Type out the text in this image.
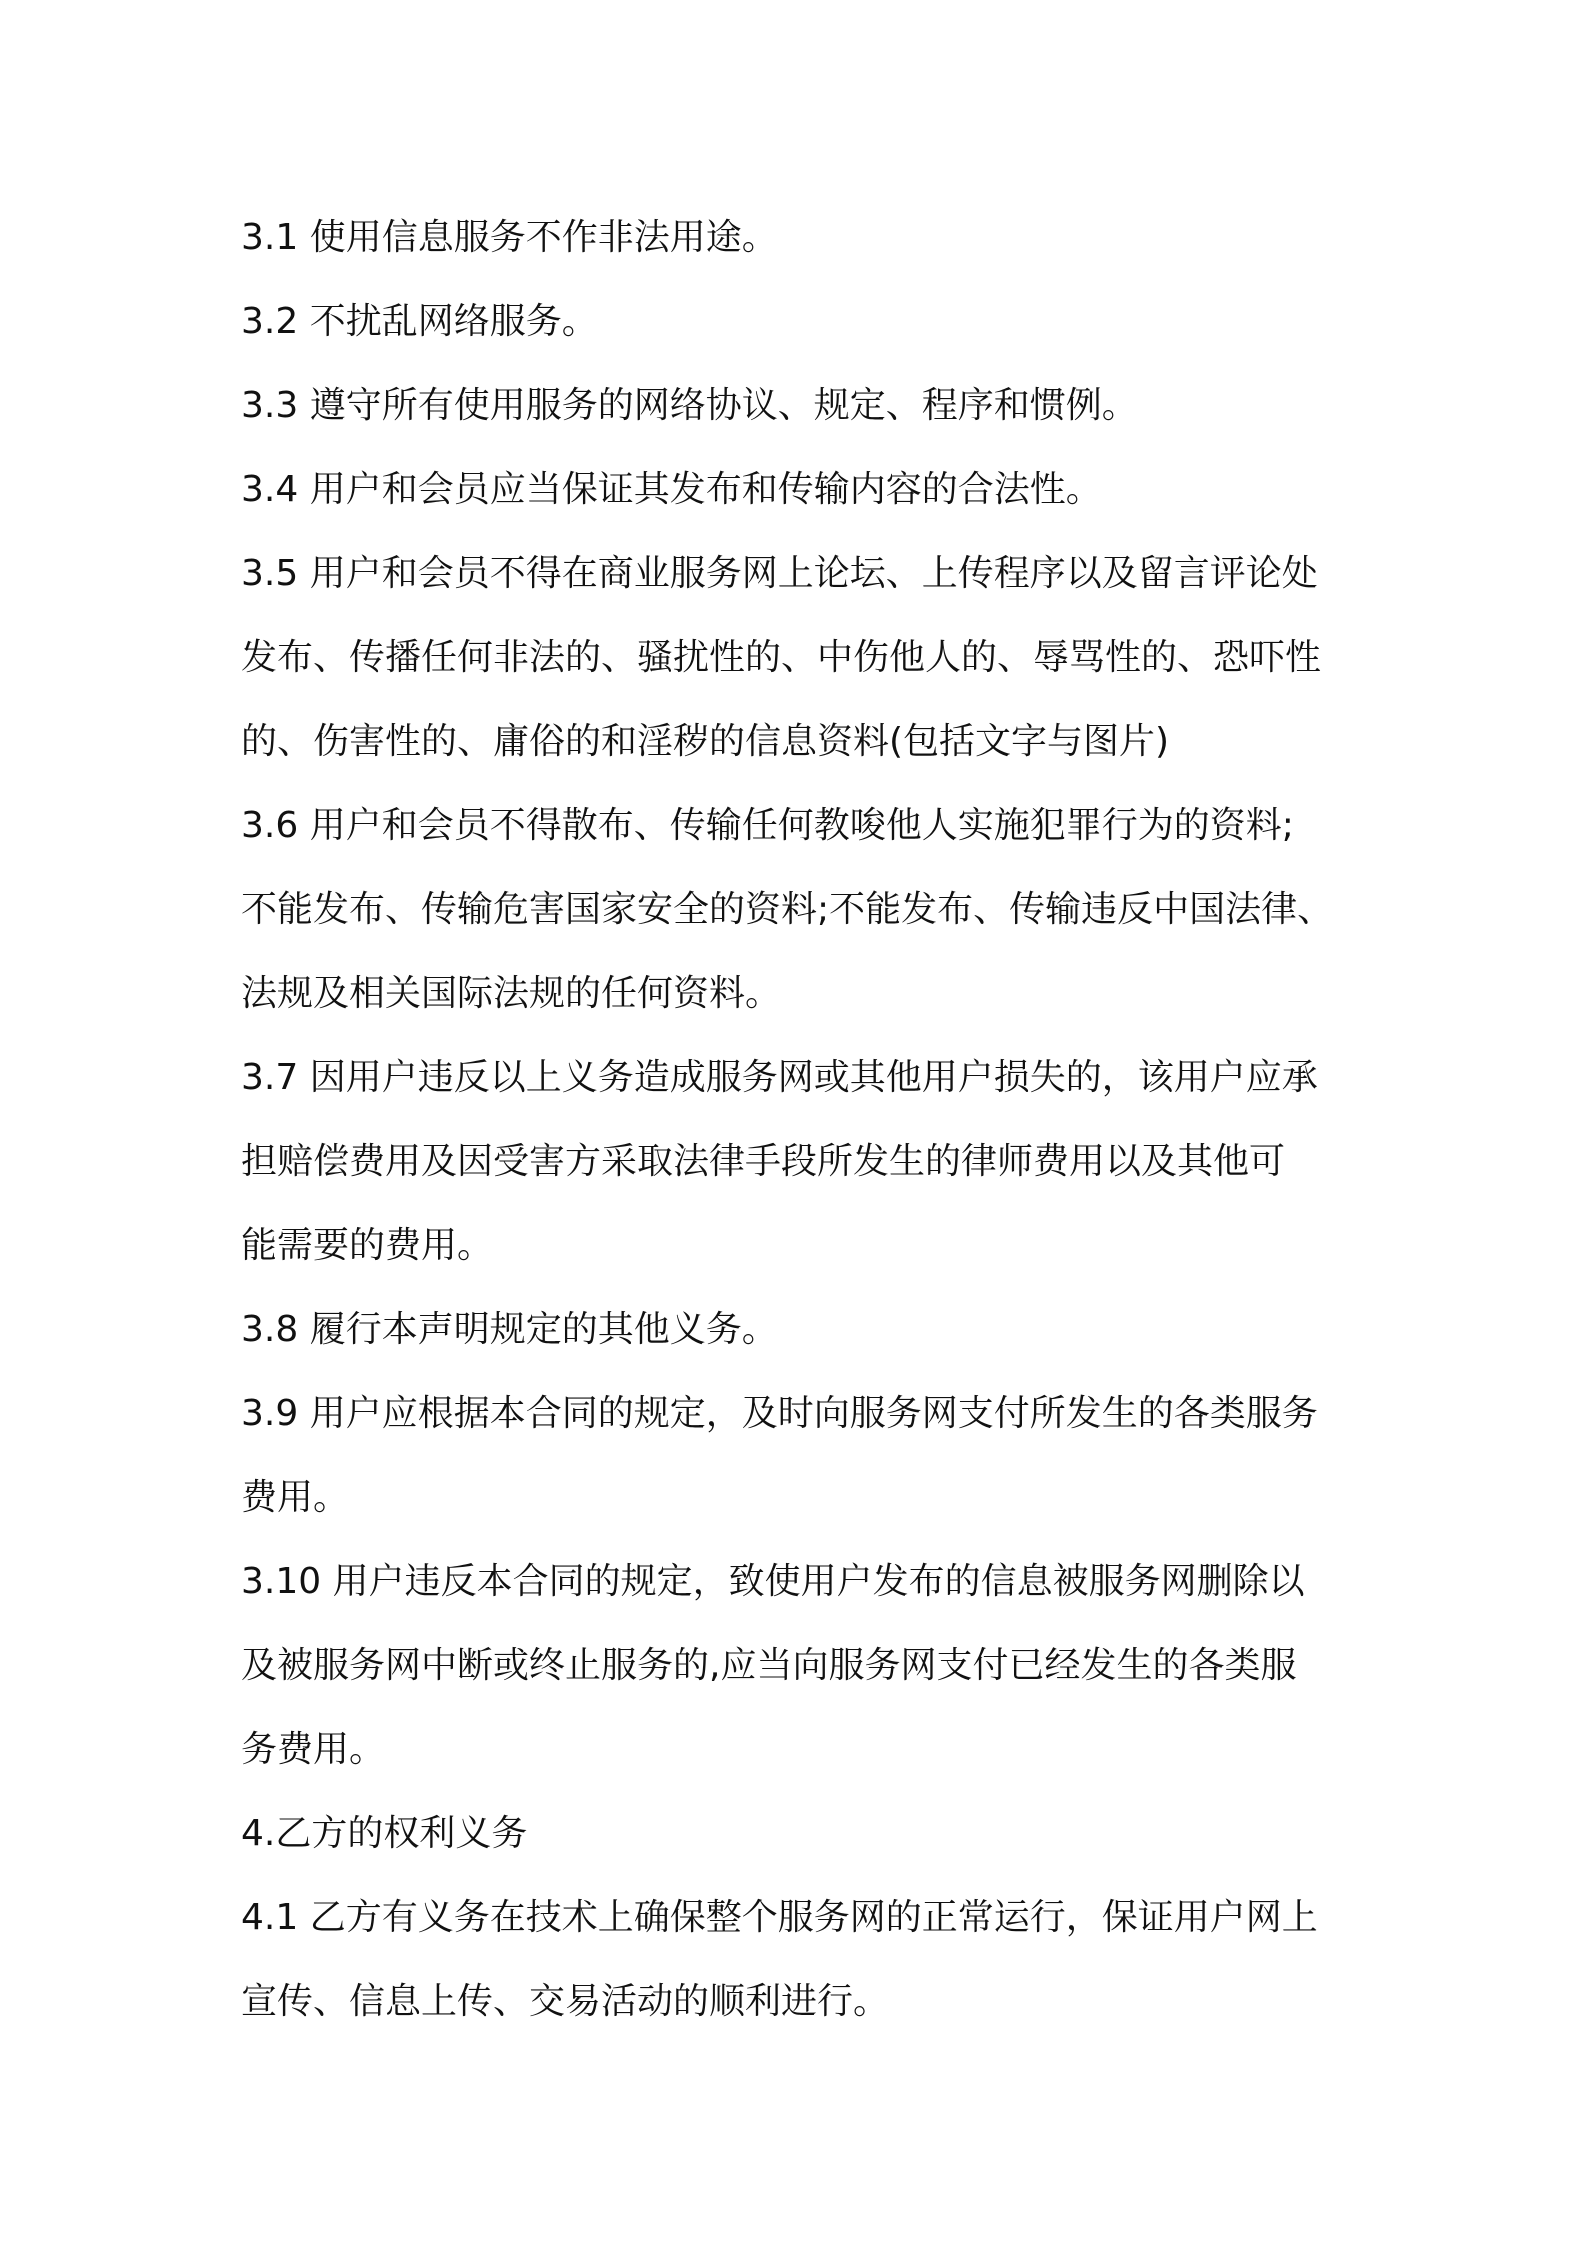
3.1 使用信息服务不作非法用途。
3.2 不扰乱网络服务。
3.3 遵守所有使用服务的网络协议、规定、程序和惯例。
3.4 用户和会员应当保证其发布和传输内容的合法性。
3.5 用户和会员不得在商业服务网上论坛、上传程序以及留言评论处
发布、传播任何非法的、骚扰性的、中伤他人的、辱骂性的、恐吓性
的、伤害性的、庸俗的和淫秽的信息资料(包括文字与图片)
3.6 用户和会员不得散布、传输任何教唆他人实施犯罪行为的资料;
不能发布、传输危害国家安全的资料;不能发布、传输违反中国法律、
法规及相关国际法规的任何资料。
3.7 因用户违反以上义务造成服务网或其他用户损失的，该用户应承
担赔偿费用及因受害方采取法律手段所发生的律师费用以及其他可
能需要的费用。
3.8 履行本声明规定的其他义务。
3.9 用户应根据本合同的规定，及时向服务网支付所发生的各类服务
费用。
3.10 用户违反本合同的规定，致使用户发布的信息被服务网删除以
及被服务网中断或终止服务的,应当向服务网支付已经发生的各类服
务费用。
4.乙方的权利义务
4.1 乙方有义务在技术上确保整个服务网的正常运行，保证用户网上
宣传、信息上传、交易活动的顺利进行。
